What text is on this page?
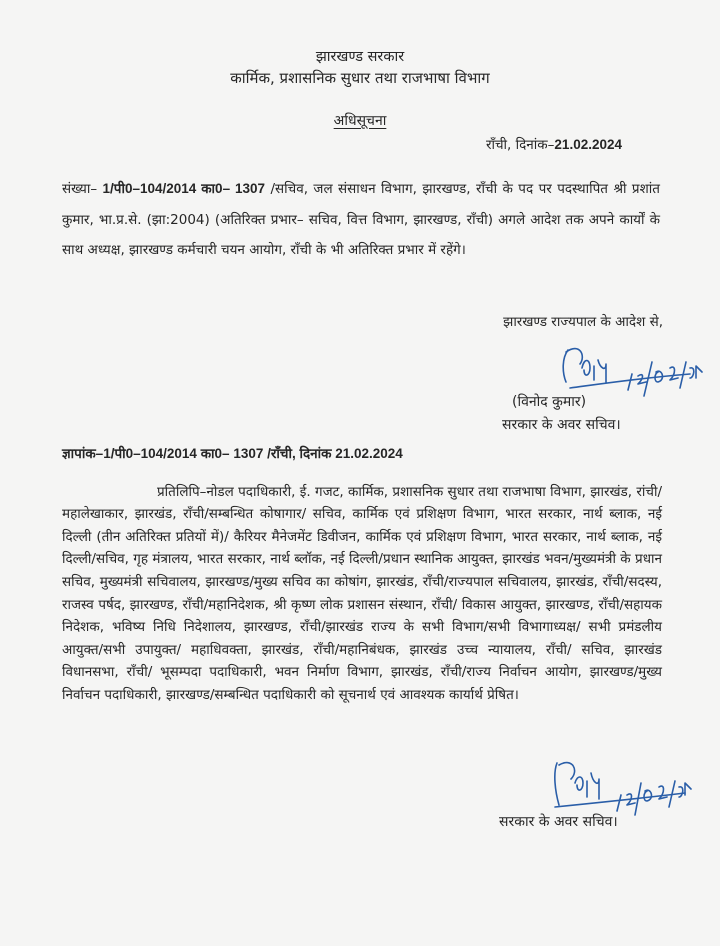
झारखण्ड सरकार
कार्मिक, प्रशासनिक सुधार तथा राजभाषा विभाग
अधिसूचना
राँची, दिनांक–21.02.2024
संख्या– 1/पी0–104/2014 का0– 1307 /सचिव, जल संसाधन विभाग, झारखण्ड, राँची के पद पर पदस्थापित श्री प्रशांत कुमार, भा.प्र.से. (झा:2004) (अतिरिक्त प्रभार– सचिव, वित्त विभाग, झारखण्ड, राँची) अगले आदेश तक अपने कार्यों के साथ अध्यक्ष, झारखण्ड कर्मचारी चयन आयोग, राँची के भी अतिरिक्त प्रभार में रहेंगे।
झारखण्ड राज्यपाल के आदेश से,
(विनोद कुमार)
सरकार के अवर सचिव।
ज्ञापांक–1/पी0–104/2014 का0– 1307 /राँची, दिनांक 21.02.2024

प्रतिलिपि–नोडल पदाधिकारी, ई. गजट, कार्मिक, प्रशासनिक सुधार तथा राजभाषा विभाग, झारखंड, रांची/महालेखाकार, झारखंड, राँची/सम्बन्धित कोषागार/ सचिव, कार्मिक एवं प्रशिक्षण विभाग, भारत सरकार, नार्थ ब्लाक, नई दिल्ली (तीन अतिरिक्त प्रतियों में)/ कैरियर मैनेजमेंट डिवीजन, कार्मिक एवं प्रशिक्षण विभाग, भारत सरकार, नार्थ ब्लाक, नई दिल्ली/सचिव, गृह मंत्रालय, भारत सरकार, नार्थ ब्लॉक, नई दिल्ली/प्रधान स्थानिक आयुक्त, झारखंड भवन/मुख्यमंत्री के प्रधान सचिव, मुख्यमंत्री सचिवालय, झारखण्ड/मुख्य सचिव का कोषांग, झारखंड, राँची/राज्यपाल सचिवालय, झारखंड, राँची/सदस्य, राजस्व पर्षद, झारखण्ड, राँची/महानिदेशक, श्री कृष्ण लोक प्रशासन संस्थान, राँची/ विकास आयुक्त, झारखण्ड, राँची/सहायक निदेशक, भविष्य निधि निदेशालय, झारखण्ड, राँची/झारखंड राज्य के सभी विभाग/सभी विभागाध्यक्ष/ सभी प्रमंडलीय आयुक्त/सभी उपायुक्त/ महाधिवक्ता, झारखंड, राँची/महानिबंधक, झारखंड उच्च न्यायालय, राँची/ सचिव, झारखंड विधानसभा, राँची/ भूसम्पदा पदाधिकारी, भवन निर्माण विभाग, झारखंड, राँची/राज्य निर्वाचन आयोग, झारखण्ड/मुख्य निर्वाचन पदाधिकारी, झारखण्ड/सम्बन्धित पदाधिकारी को सूचनार्थ एवं आवश्यक कार्यार्थ प्रेषित।
सरकार के अवर सचिव।
